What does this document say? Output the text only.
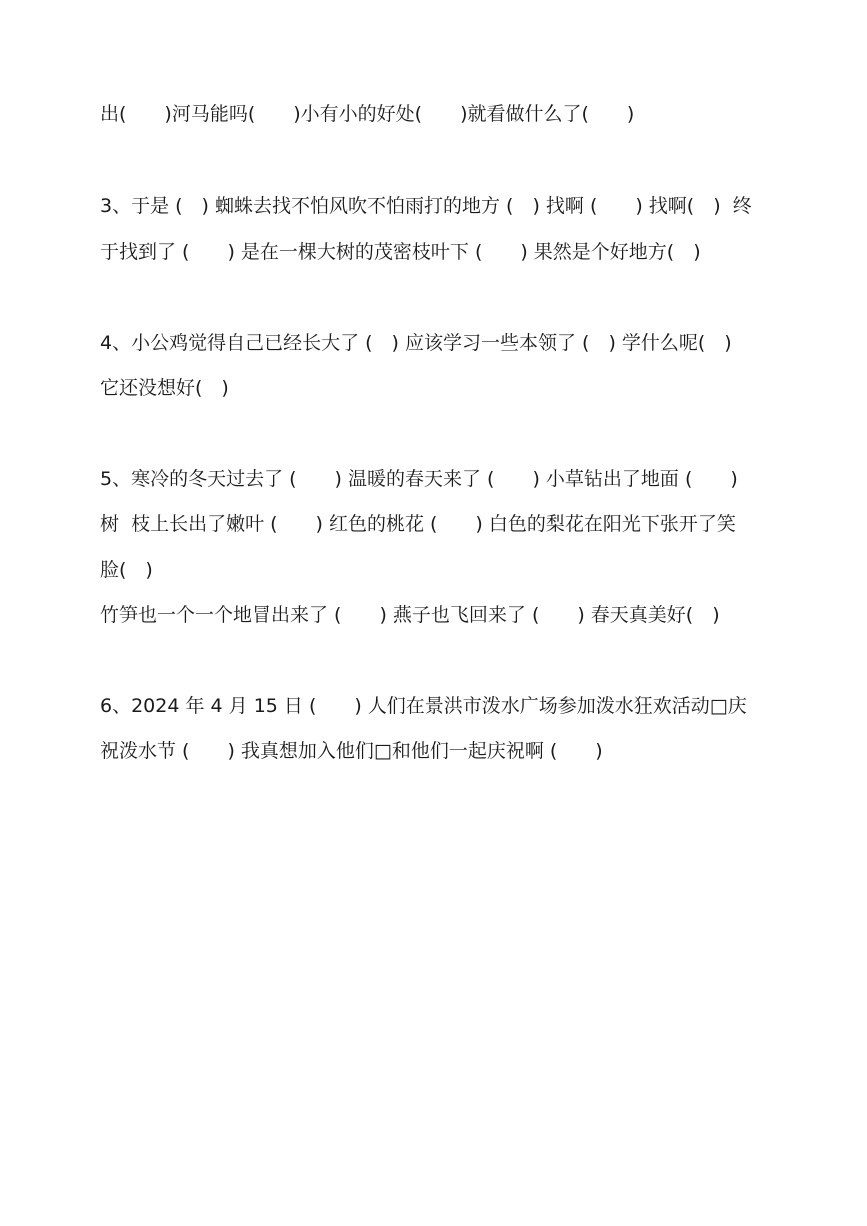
出(　　)河马能吗(　　)小有小的好处(　　)就看做什么了(　　)
3、于是 (　) 蜘蛛去找不怕风吹不怕雨打的地方 (　) 找啊 (　　) 找啊(　)  终
于找到了 (　　) 是在一棵大树的茂密枝叶下 (　　) 果然是个好地方(　)
4、小公鸡觉得自己已经长大了 (　) 应该学习一些本领了 (　) 学什么呢(　)
它还没想好(　)
5、寒冷的冬天过去了 (　　) 温暖的春天来了 (　　) 小草钻出了地面 (　　)
树  枝上长出了嫩叶 (　　) 红色的桃花 (　　) 白色的梨花在阳光下张开了笑
脸(　)
竹笋也一个一个地冒出来了 (　　) 燕子也飞回来了 (　　) 春天真美好(　)
6、2024 年 4 月 15 日 (　　) 人们在景洪市泼水广场参加泼水狂欢活动□庆
祝泼水节 (　　) 我真想加入他们□和他们一起庆祝啊 (　　)
